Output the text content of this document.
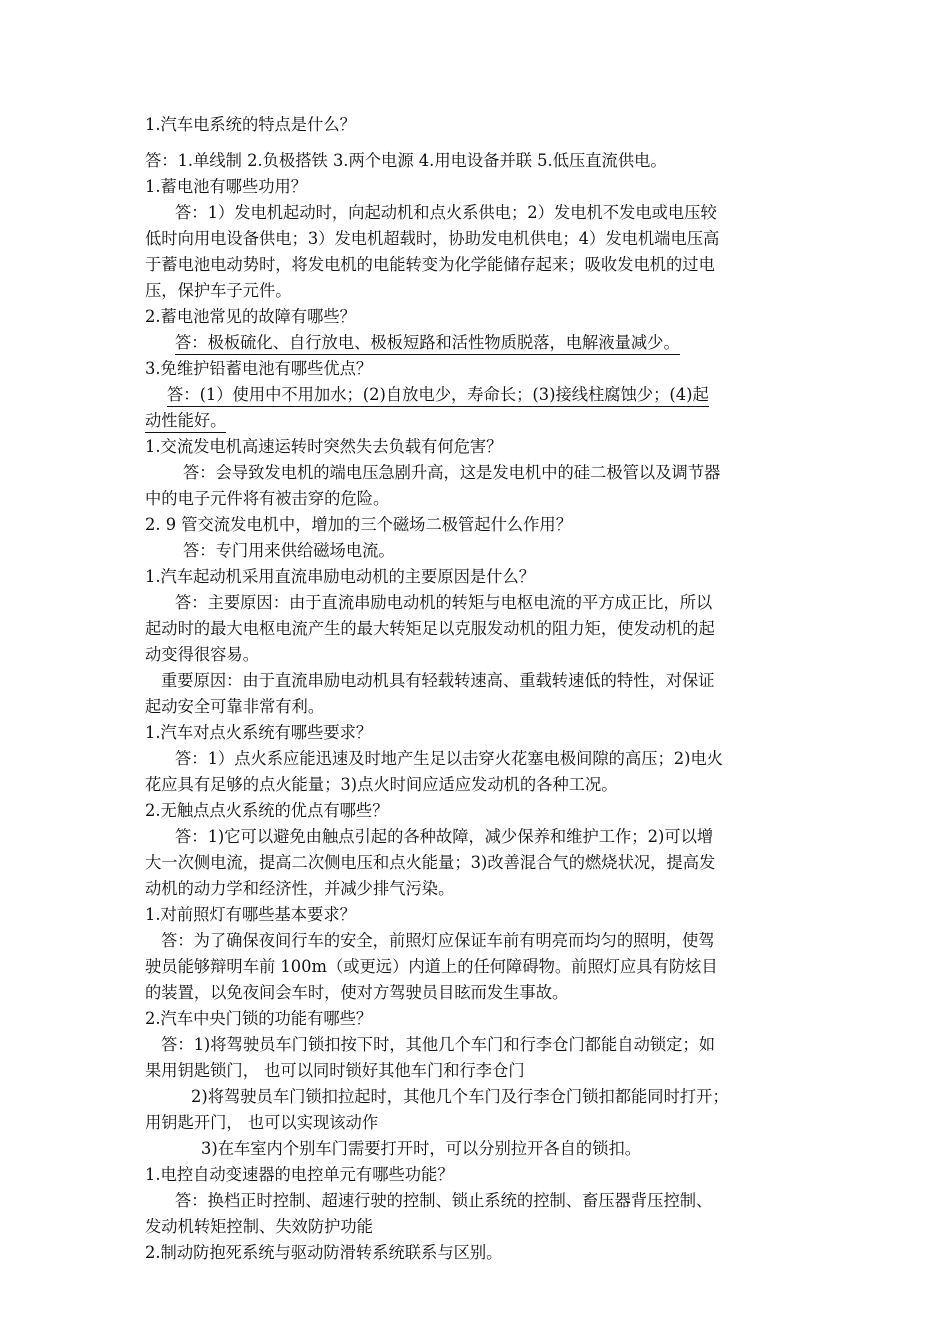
1.汽车电系统的特点是什么？
答：1.单线制 2.负极搭铁 3.两个电源 4.用电设备并联 5.低压直流供电。
1.蓄电池有哪些功用？
答：1）发电机起动时，向起动机和点火系供电；2）发电机不发电或电压较
低时向用电设备供电；3）发电机超载时，协助发电机供电；4）发电机端电压高
于蓄电池电动势时，将发电机的电能转变为化学能储存起来；吸收发电机的过电
压，保护车子元件。
2.蓄电池常见的故障有哪些？
答：极板硫化、自行放电、极板短路和活性物质脱落，电解液量减少。
3.免维护铅蓄电池有哪些优点？
答：(1）使用中不用加水；(2)自放电少，寿命长；(3)接线柱腐蚀少；(4)起
动性能好。
1.交流发电机高速运转时突然失去负载有何危害？
答：会导致发电机的端电压急剧升高，这是发电机中的硅二极管以及调节器
中的电子元件将有被击穿的危险。
2. 9 管交流发电机中，增加的三个磁场二极管起什么作用？
答：专门用来供给磁场电流。
1.汽车起动机采用直流串励电动机的主要原因是什么？
答：主要原因：由于直流串励电动机的转矩与电枢电流的平方成正比，所以
起动时的最大电枢电流产生的最大转矩足以克服发动机的阻力矩，使发动机的起
动变得很容易。
重要原因：由于直流串励电动机具有轻载转速高、重载转速低的特性，对保证
起动安全可靠非常有利。
1.汽车对点火系统有哪些要求？
答：1）点火系应能迅速及时地产生足以击穿火花塞电极间隙的高压；2)电火
花应具有足够的点火能量；3)点火时间应适应发动机的各种工况。
2.无触点点火系统的优点有哪些？
答：1)它可以避免由触点引起的各种故障，减少保养和维护工作；2)可以增
大一次侧电流，提高二次侧电压和点火能量；3)改善混合气的燃烧状况，提高发
动机的动力学和经济性，并减少排气污染。
1.对前照灯有哪些基本要求？
答：为了确保夜间行车的安全，前照灯应保证车前有明亮而均匀的照明，使驾
驶员能够辩明车前 100m（或更远）内道上的任何障碍物。前照灯应具有防炫目
的装置，以免夜间会车时，使对方驾驶员目眩而发生事故。
2.汽车中央门锁的功能有哪些？
答：1)将驾驶员车门锁扣按下时，其他几个车门和行李仓门都能自动锁定；如
果用钥匙锁门， 也可以同时锁好其他车门和行李仓门
2)将驾驶员车门锁扣拉起时，其他几个车门及行李仓门锁扣都能同时打开；
用钥匙开门， 也可以实现该动作
3)在车室内个别车门需要打开时，可以分别拉开各自的锁扣。
1.电控自动变速器的电控单元有哪些功能？
答：换档正时控制、超速行驶的控制、锁止系统的控制、畜压器背压控制、
发动机转矩控制、失效防护功能
2.制动防抱死系统与驱动防滑转系统联系与区别。
